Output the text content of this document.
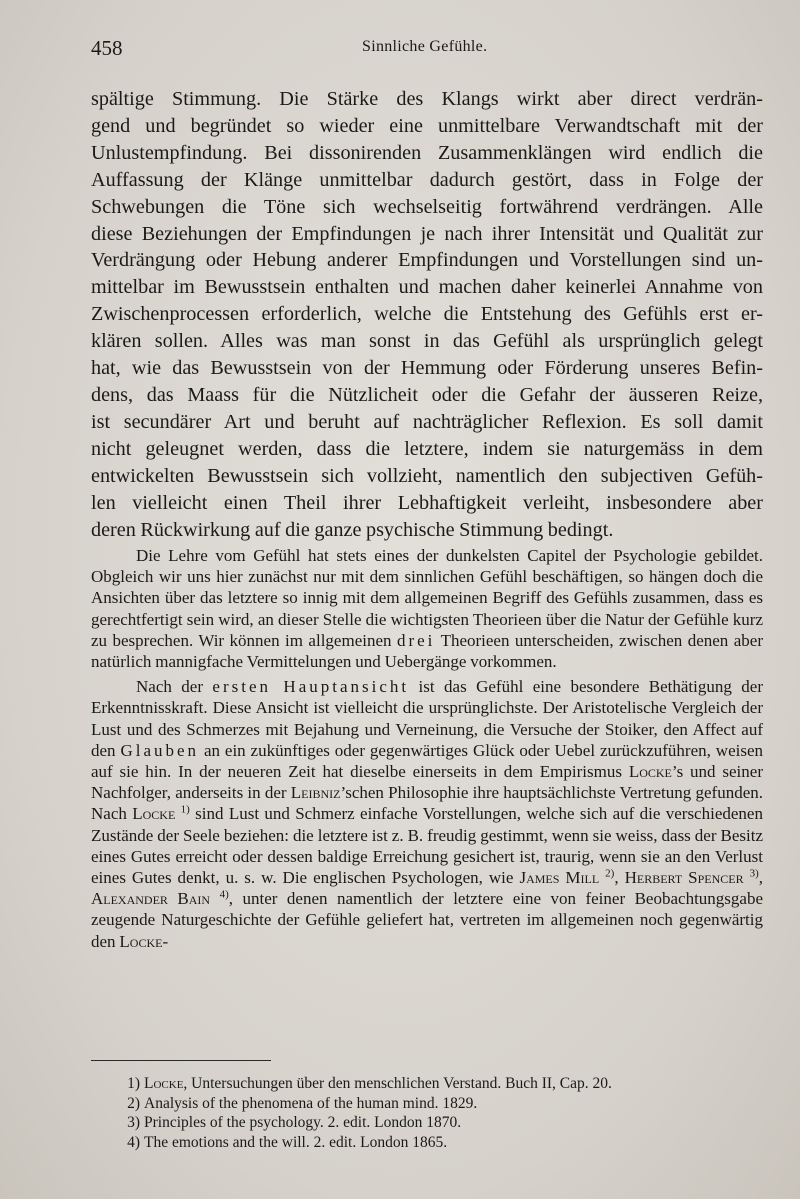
458	Sinnliche Gefühle.
spältige Stimmung. Die Stärke des Klangs wirkt aber direct verdrän-
gend und begründet so wieder eine unmittelbare Verwandtschaft mit der
Unlustempfindung. Bei dissonirenden Zusammenklängen wird endlich die
Auffassung der Klänge unmittelbar dadurch gestört, dass in Folge der
Schwebungen die Töne sich wechselseitig fortwährend verdrängen. Alle
diese Beziehungen der Empfindungen je nach ihrer Intensität und Qualität zur
Verdrängung oder Hebung anderer Empfindungen und Vorstellungen sind un-
mittelbar im Bewusstsein enthalten und machen daher keinerlei Annahme von
Zwischenprocessen erforderlich, welche die Entstehung des Gefühls erst er-
klären sollen. Alles was man sonst in das Gefühl als ursprünglich gelegt
hat, wie das Bewusstsein von der Hemmung oder Förderung unseres Befin-
dens, das Maass für die Nützlicheit oder die Gefahr der äusseren Reize,
ist secundärer Art und beruht auf nachträglicher Reflexion. Es soll damit
nicht geleugnet werden, dass die letztere, indem sie naturgemäss in dem
entwickelten Bewusstsein sich vollzieht, namentlich den subjectiven Gefüh-
len vielleicht einen Theil ihrer Lebhaftigkeit verleiht, insbesondere aber
deren Rückwirkung auf die ganze psychische Stimmung bedingt.

Die Lehre vom Gefühl hat stets eines der dunkelsten Capitel der Psychologie gebildet. Obgleich wir uns hier zunächst nur mit dem sinnlichen Gefühl beschäftigen, so hängen doch die Ansichten über das letztere so innig mit dem allgemeinen Begriff des Gefühls zusammen, dass es gerechtfertigt sein wird, an dieser Stelle die wichtigsten Theorieen über die Natur der Gefühle kurz zu besprechen. Wir können im allgemeinen drei Theorieen unterscheiden, zwischen denen aber natürlich mannigfache Vermittelungen und Uebergänge vorkommen.

Nach der ersten Hauptansicht ist das Gefühl eine besondere Bethätigung der Erkenntnisskraft. Diese Ansicht ist vielleicht die ursprünglichste. Der Aristotelische Vergleich der Lust und des Schmerzes mit Bejahung und Verneinung, die Versuche der Stoiker, den Affect auf den Glauben an ein zukünftiges oder gegenwärtiges Glück oder Uebel zurückzuführen, weisen auf sie hin. In der neueren Zeit hat dieselbe einerseits in dem Empirismus Locke’s und seiner Nachfolger, anderseits in der Leibniz’schen Philosophie ihre hauptsächlichste Vertretung gefunden. Nach Locke $^{1)}$ sind Lust und Schmerz einfache Vorstellungen, welche sich auf die verschiedenen Zustände der Seele beziehen: die letztere ist z. B. freudig gestimmt, wenn sie weiss, dass der Besitz eines Gutes erreicht oder dessen baldige Erreichung gesichert ist, traurig, wenn sie an den Verlust eines Gutes denkt, u. s. w. Die englischen Psychologen, wie James Mill $^{2)}$, Herbert Spencer $^{3)}$, Alexander Bain $^{4)}$, unter denen namentlich der letztere eine von feiner Beobachtungsgabe zeugende Naturgeschichte der Gefühle geliefert hat, vertreten im allgemeinen noch gegenwärtig den Locke-

1) Locke, Untersuchungen über den menschlichen Verstand. Buch II, Cap. 20.
2) Analysis of the phenomena of the human mind. 1829.
3) Principles of the psychology. 2. edit. London 1870.
4) The emotions and the will. 2. edit. London 1865.
